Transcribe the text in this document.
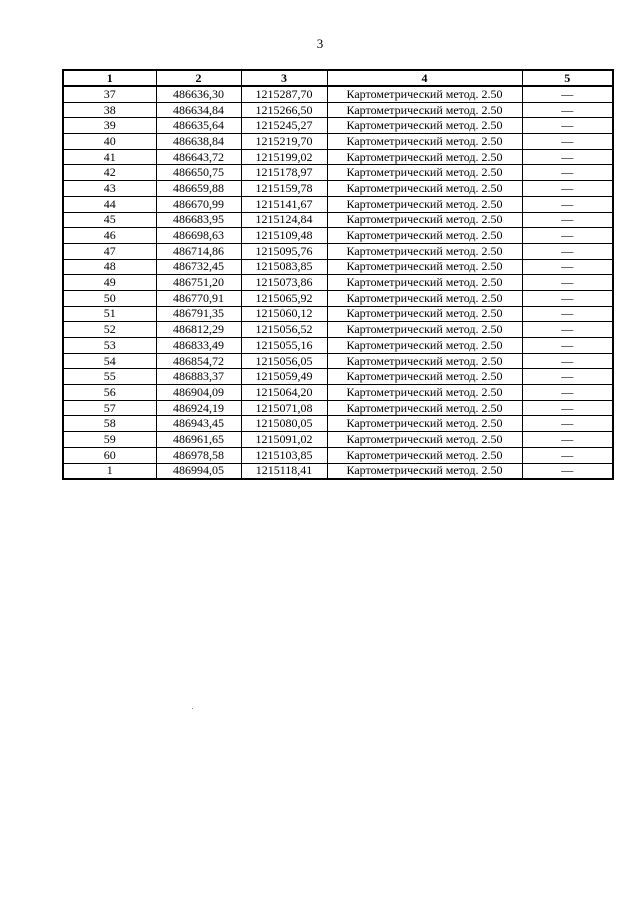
3
1	2	3	4	5
37	486636,30	1215287,70	Картометрический метод. 2.50	—
38	486634,84	1215266,50	Картометрический метод. 2.50	—
39	486635,64	1215245,27	Картометрический метод. 2.50	—
40	486638,84	1215219,70	Картометрический метод. 2.50	—
41	486643,72	1215199,02	Картометрический метод. 2.50	—
42	486650,75	1215178,97	Картометрический метод. 2.50	—
43	486659,88	1215159,78	Картометрический метод. 2.50	—
44	486670,99	1215141,67	Картометрический метод. 2.50	—
45	486683,95	1215124,84	Картометрический метод. 2.50	—
46	486698,63	1215109,48	Картометрический метод. 2.50	—
47	486714,86	1215095,76	Картометрический метод. 2.50	—
48	486732,45	1215083,85	Картометрический метод. 2.50	—
49	486751,20	1215073,86	Картометрический метод. 2.50	—
50	486770,91	1215065,92	Картометрический метод. 2.50	—
51	486791,35	1215060,12	Картометрический метод. 2.50	—
52	486812,29	1215056,52	Картометрический метод. 2.50	—
53	486833,49	1215055,16	Картометрический метод. 2.50	—
54	486854,72	1215056,05	Картометрический метод. 2.50	—
55	486883,37	1215059,49	Картометрический метод. 2.50	—
56	486904,09	1215064,20	Картометрический метод. 2.50	—
57	486924,19	1215071,08	Картометрический метод. 2.50	—
58	486943,45	1215080,05	Картометрический метод. 2.50	—
59	486961,65	1215091,02	Картометрический метод. 2.50	—
60	486978,58	1215103,85	Картометрический метод. 2.50	—
1	486994,05	1215118,41	Картометрический метод. 2.50	—
